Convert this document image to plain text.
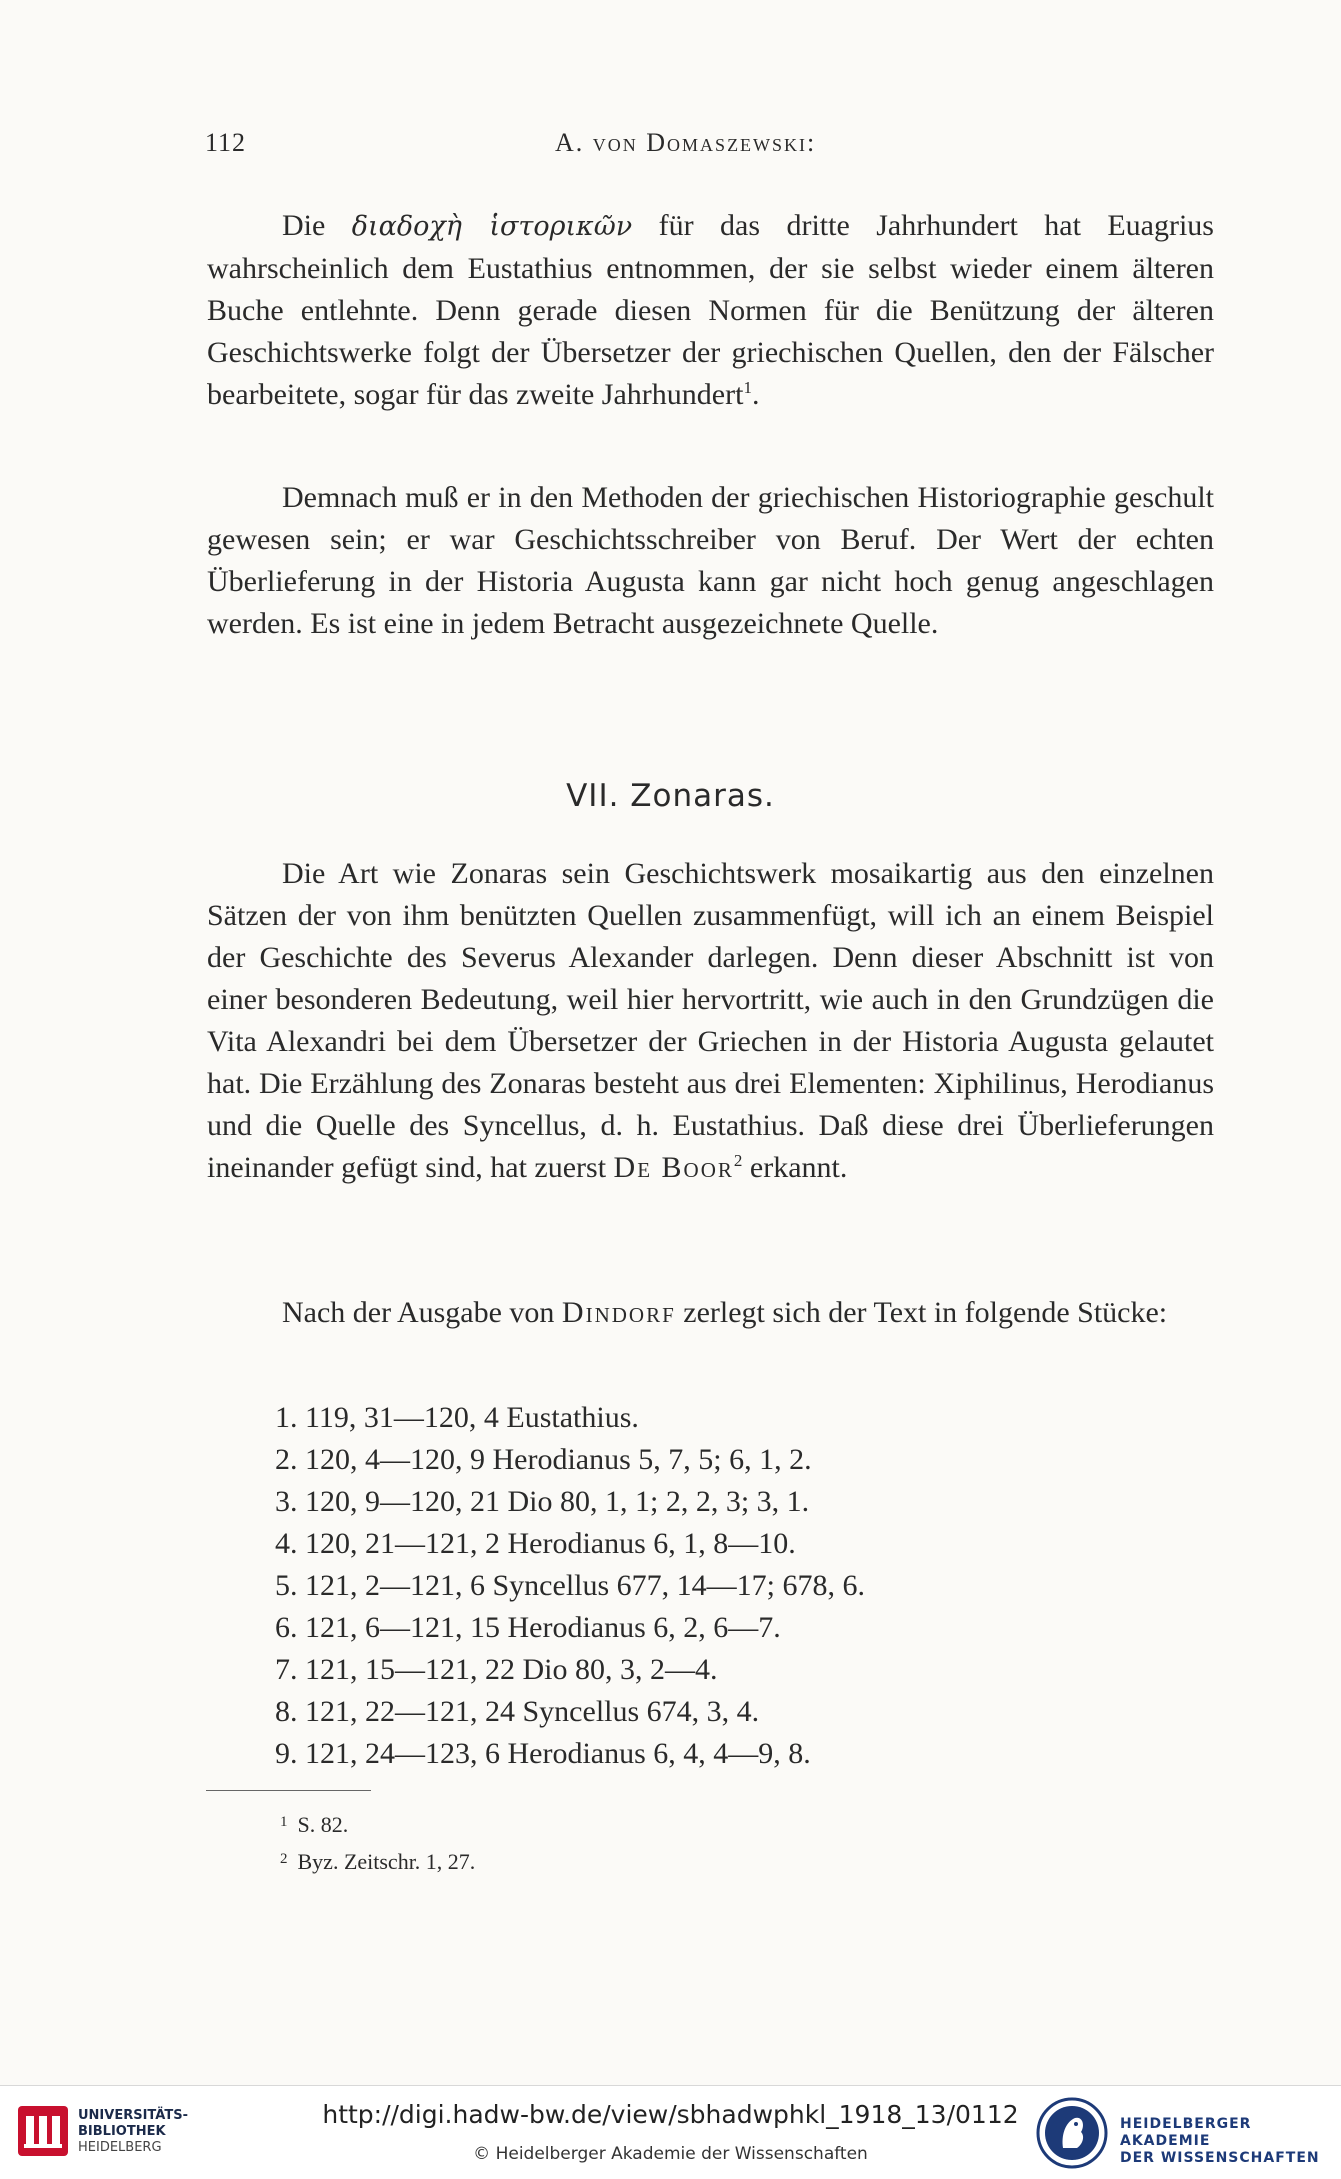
112	A. von Domaszewski:

Die διαδοχὴ ἱστορικῶν für das dritte Jahrhundert hat Euagrius wahrscheinlich dem Eustathius entnommen, der sie selbst wieder einem älteren Buche entlehnte. Denn gerade diesen Normen für die Benützung der älteren Geschichtswerke folgt der Übersetzer der griechischen Quellen, den der Fälscher bearbeitete, sogar für das zweite Jahrhundert$^1$.

Demnach muß er in den Methoden der griechischen Historiographie geschult gewesen sein; er war Geschichtsschreiber von Beruf. Der Wert der echten Überlieferung in der Historia Augusta kann gar nicht hoch genug angeschlagen werden. Es ist eine in jedem Betracht ausgezeichnete Quelle.

VII. Zonaras.

Die Art wie Zonaras sein Geschichtswerk mosaikartig aus den einzelnen Sätzen der von ihm benützten Quellen zusammenfügt, will ich an einem Beispiel der Geschichte des Severus Alexander darlegen. Denn dieser Abschnitt ist von einer besonderen Bedeutung, weil hier hervortritt, wie auch in den Grundzügen die Vita Alexandri bei dem Übersetzer der Griechen in der Historia Augusta gelautet hat. Die Erzählung des Zonaras besteht aus drei Elementen: Xiphilinus, Herodianus und die Quelle des Syncellus, d. h. Eustathius. Daß diese drei Überlieferungen ineinander gefügt sind, hat zuerst De Boor$^2$ erkannt.

Nach der Ausgabe von Dindorf zerlegt sich der Text in folgende Stücke:

1. 119, 31—120, 4 Eustathius.
2. 120, 4—120, 9 Herodianus 5, 7, 5; 6, 1, 2.
3. 120, 9—120, 21 Dio 80, 1, 1; 2, 2, 3; 3, 1.
4. 120, 21—121, 2 Herodianus 6, 1, 8—10.
5. 121, 2—121, 6 Syncellus 677, 14—17; 678, 6.
6. 121, 6—121, 15 Herodianus 6, 2, 6—7.
7. 121, 15—121, 22 Dio 80, 3, 2—4.
8. 121, 22—121, 24 Syncellus 674, 3, 4.
9. 121, 24—123, 6 Herodianus 6, 4, 4—9, 8.
$^1$ S. 82.
$^2$ Byz. Zeitschr. 1, 27.
UNIVERSITÄTS-
BIBLIOTHEK
HEIDELBERG
http://digi.hadw-bw.de/view/sbhadwphkl_1918_13/0112
© Heidelberger Akademie der Wissenschaften
HEIDELBERGER AKADEMIE
DER WISSENSCHAFTEN
